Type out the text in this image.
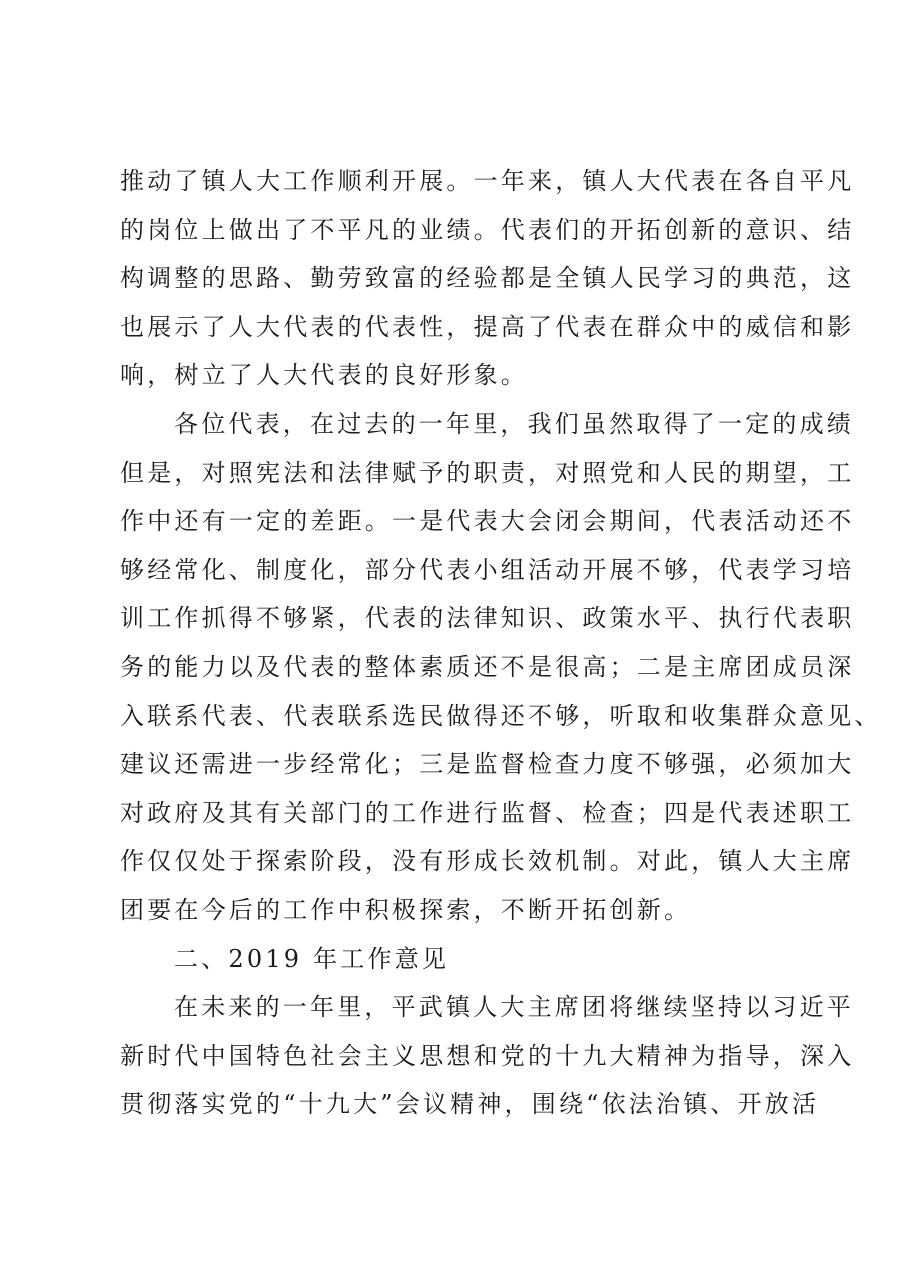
推动了镇人大工作顺利开展。一年来，镇人大代表在各自平凡
的岗位上做出了不平凡的业绩。代表们的开拓创新的意识、结
构调整的思路、勤劳致富的经验都是全镇人民学习的典范，这
也展示了人大代表的代表性，提高了代表在群众中的威信和影
响，树立了人大代表的良好形象。
各位代表，在过去的一年里，我们虽然取得了一定的成绩
但是，对照宪法和法律赋予的职责，对照党和人民的期望，工
作中还有一定的差距。一是代表大会闭会期间，代表活动还不
够经常化、制度化，部分代表小组活动开展不够，代表学习培
训工作抓得不够紧，代表的法律知识、政策水平、执行代表职
务的能力以及代表的整体素质还不是很高；二是主席团成员深
入联系代表、代表联系选民做得还不够，听取和收集群众意见、
建议还需进一步经常化；三是监督检查力度不够强，必须加大
对政府及其有关部门的工作进行监督、检查；四是代表述职工
作仅仅处于探索阶段，没有形成长效机制。对此，镇人大主席
团要在今后的工作中积极探索，不断开拓创新。
二、2019 年工作意见
在未来的一年里，平武镇人大主席团将继续坚持以习近平
新时代中国特色社会主义思想和党的十九大精神为指导，深入
贯彻落实党的“十九大”会议精神，围绕“依法治镇、开放活
